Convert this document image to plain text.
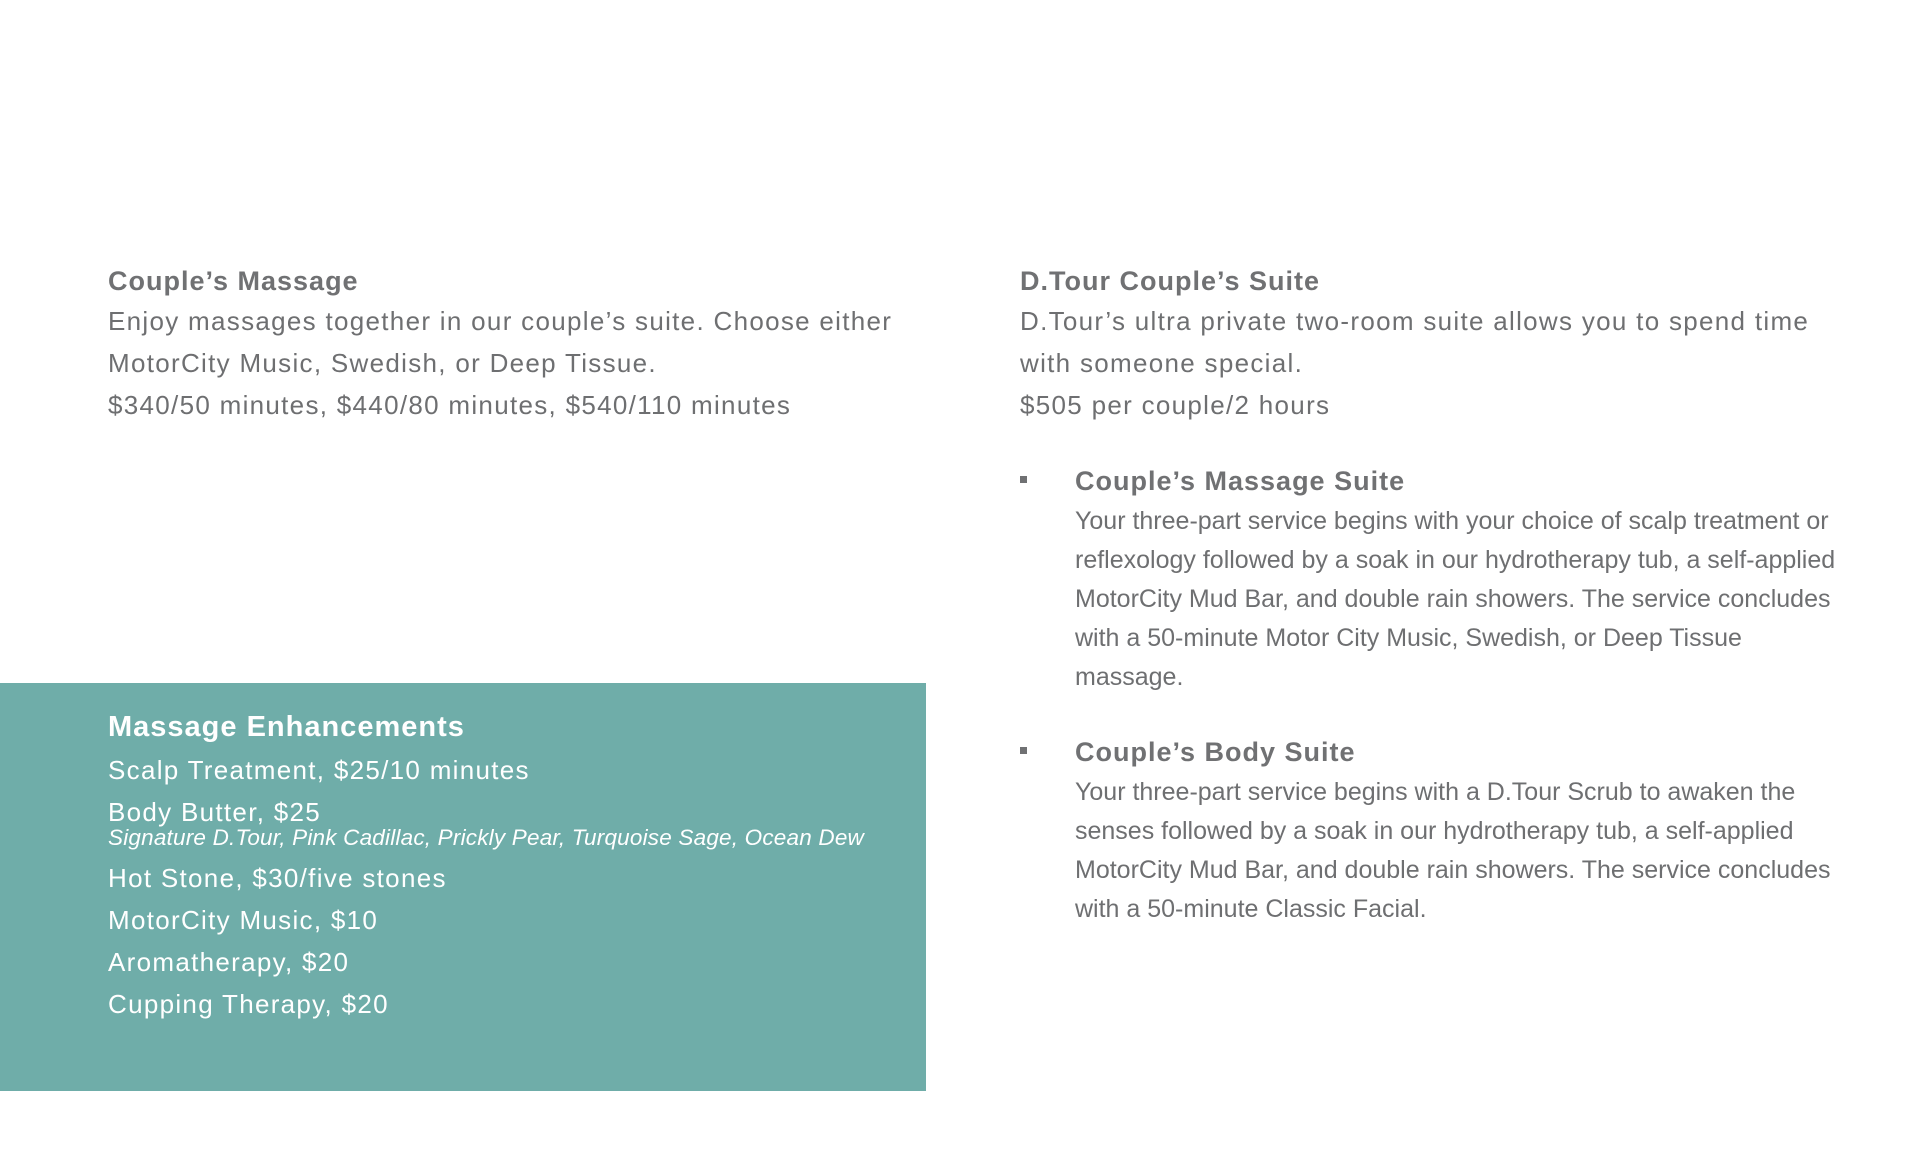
Couple’s Massage

Enjoy massages together in our couple’s suite. Choose either

MotorCity Music, Swedish, or Deep Tissue.

$340/50 minutes, $440/80 minutes, $540/110 minutes

Massage Enhancements

Scalp Treatment, $25/10 minutes

Body Butter, $25

Signature D.Tour, Pink Cadillac, Prickly Pear, Turquoise Sage, Ocean Dew

Hot Stone, $30/five stones

MotorCity Music, $10

Aromatherapy, $20

Cupping Therapy, $20

D.Tour Couple’s Suite

D.Tour’s ultra private two-room suite allows you to spend time

with someone special.

$505 per couple/2 hours

Couple’s Massage Suite

Your three-part service begins with your choice of scalp treatment or reflexology followed by a soak in our hydrotherapy tub, a self-applied MotorCity Mud Bar, and double rain showers. The service concludes with a 50-minute Motor City Music, Swedish, or Deep Tissue massage.

Couple’s Body Suite

Your three-part service begins with a D.Tour Scrub to awaken the senses followed by a soak in our hydrotherapy tub, a self-applied MotorCity Mud Bar, and double rain showers. The service concludes with a 50-minute Classic Facial.
